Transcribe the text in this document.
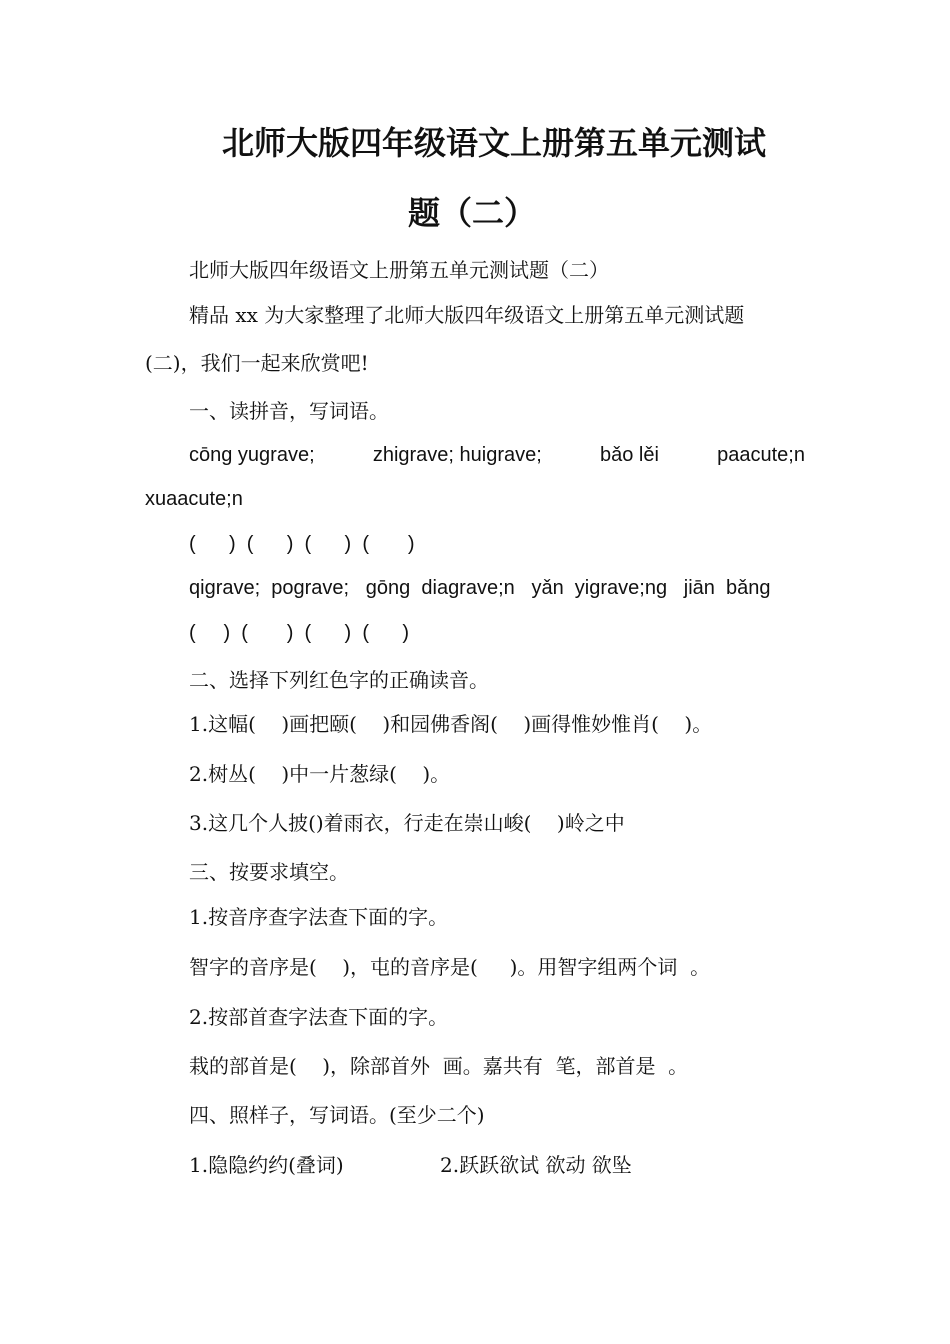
北师大版四年级语文上册第五单元测试
题（二）
北师大版四年级语文上册第五单元测试题（二）
精品 xx 为大家整理了北师大版四年级语文上册第五单元测试题
(二)，我们一起来欣赏吧!
一、读拼音，写词语。
cōng yugrave;	zhigrave; huigrave;	bǎo lěi	paacute;n
xuaacute;n
(      )  (      )  (      )  (       )
qigrave;  pograve;   gōng  diagrave;n   yǎn  yigrave;ng   jiān  bǎng
(     )  (       )  (      )  (      )
二、选择下列红色字的正确读音。
1.这幅(    )画把颐(    )和园佛香阁(    )画得惟妙惟肖(    )。
2.树丛(    )中一片葱绿(    )。
3.这几个人披()着雨衣，行走在崇山峻(    )岭之中
三、按要求填空。
1.按音序查字法查下面的字。
智字的音序是(    )，屯的音序是(     )。用智字组两个词  。
2.按部首查字法查下面的字。
栽的部首是(    )，除部首外  画。嘉共有  笔，部首是  。
四、照样子，写词语。(至少二个)
1.隐隐约约(叠词)	2.跃跃欲试 欲动 欲坠
